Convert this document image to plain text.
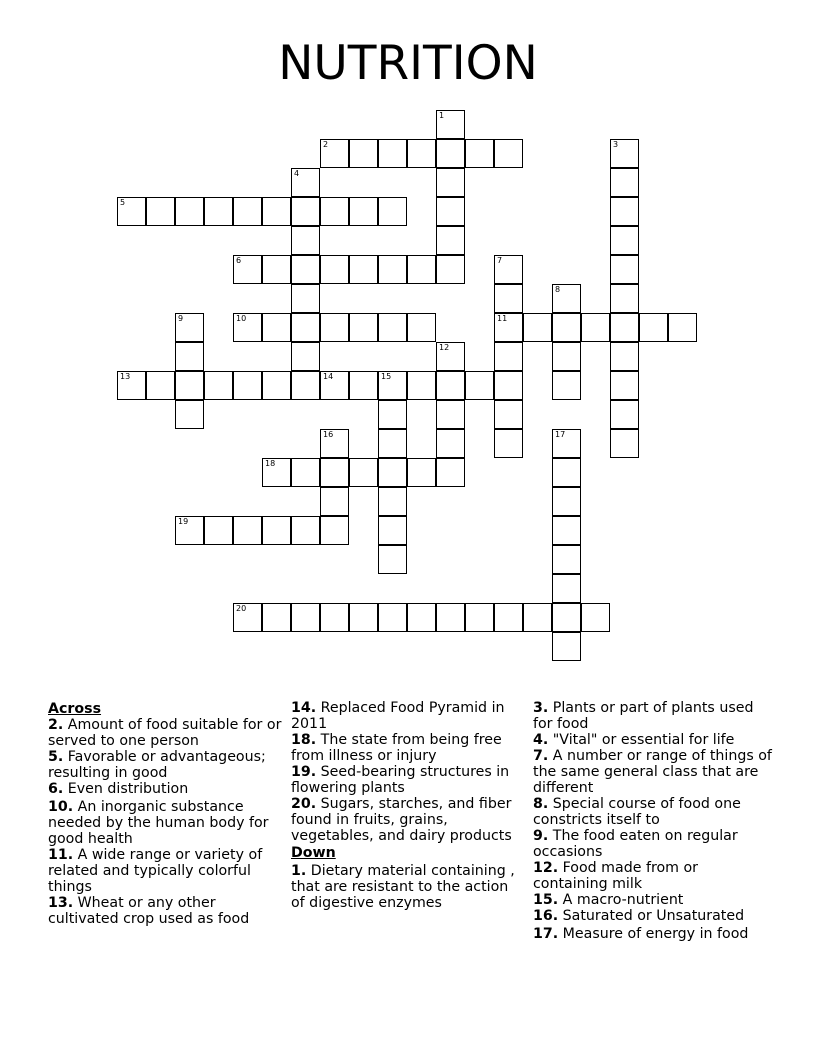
NUTRITION
1
2	3
4
5
6	7
11
8
9	10
12
13	14	15
16	17
18
19
20
Across
2. Amount of food suitable for or served to one person
5. Favorable or advantageous; resulting in good
6. Even distribution
10. An inorganic substance needed by the human body for good health
11. A wide range or variety of related and typically colorful things
13. Wheat or any other cultivated crop used as food
14. Replaced Food Pyramid in 2011
18. The state from being free from illness or injury
19. Seed-bearing structures in flowering plants
20. Sugars, starches, and fiber found in fruits, grains, vegetables, and dairy products
Down
1. Dietary material containing , that are resistant to the action of digestive enzymes
3. Plants or part of plants used for food
4. "Vital" or essential for life
7. A number or range of things of the same general class that are different
8. Special course of food one constricts itself to
9. The food eaten on regular occasions
12. Food made from or containing milk
15. A macro-nutrient
16. Saturated or Unsaturated
17. Measure of energy in food
